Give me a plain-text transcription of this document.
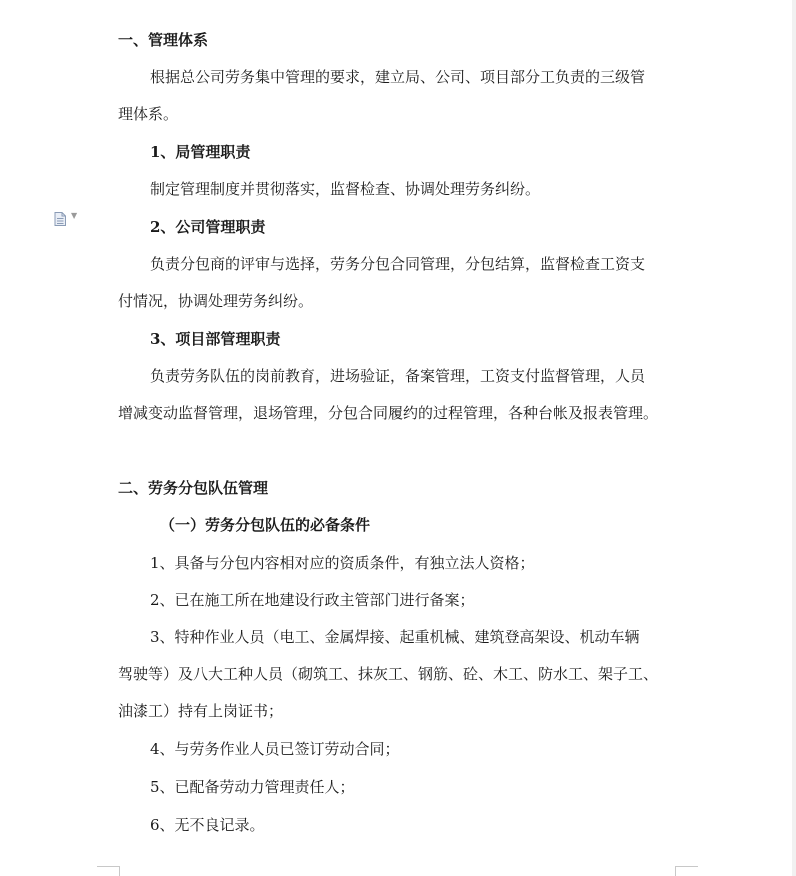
一、管理体系
根据总公司劳务集中管理的要求，建立局、公司、项目部分工负责的三级管
理体系。
1、局管理职责
制定管理制度并贯彻落实，监督检查、协调处理劳务纠纷。
2、公司管理职责
负责分包商的评审与选择，劳务分包合同管理，分包结算，监督检查工资支
付情况，协调处理劳务纠纷。
3、项目部管理职责
负责劳务队伍的岗前教育，进场验证，备案管理，工资支付监督管理，人员
增减变动监督管理，退场管理，分包合同履约的过程管理，各种台帐及报表管理。
二、劳务分包队伍管理
（一）劳务分包队伍的必备条件
1、具备与分包内容相对应的资质条件，有独立法人资格；
2、已在施工所在地建设行政主管部门进行备案；
3、特种作业人员（电工、金属焊接、起重机械、建筑登高架设、机动车辆
驾驶等）及八大工种人员（砌筑工、抹灰工、钢筋、砼、木工、防水工、架子工、
油漆工）持有上岗证书；
4、与劳务作业人员已签订劳动合同；
5、已配备劳动力管理责任人；
6、无不良记录。
▼
